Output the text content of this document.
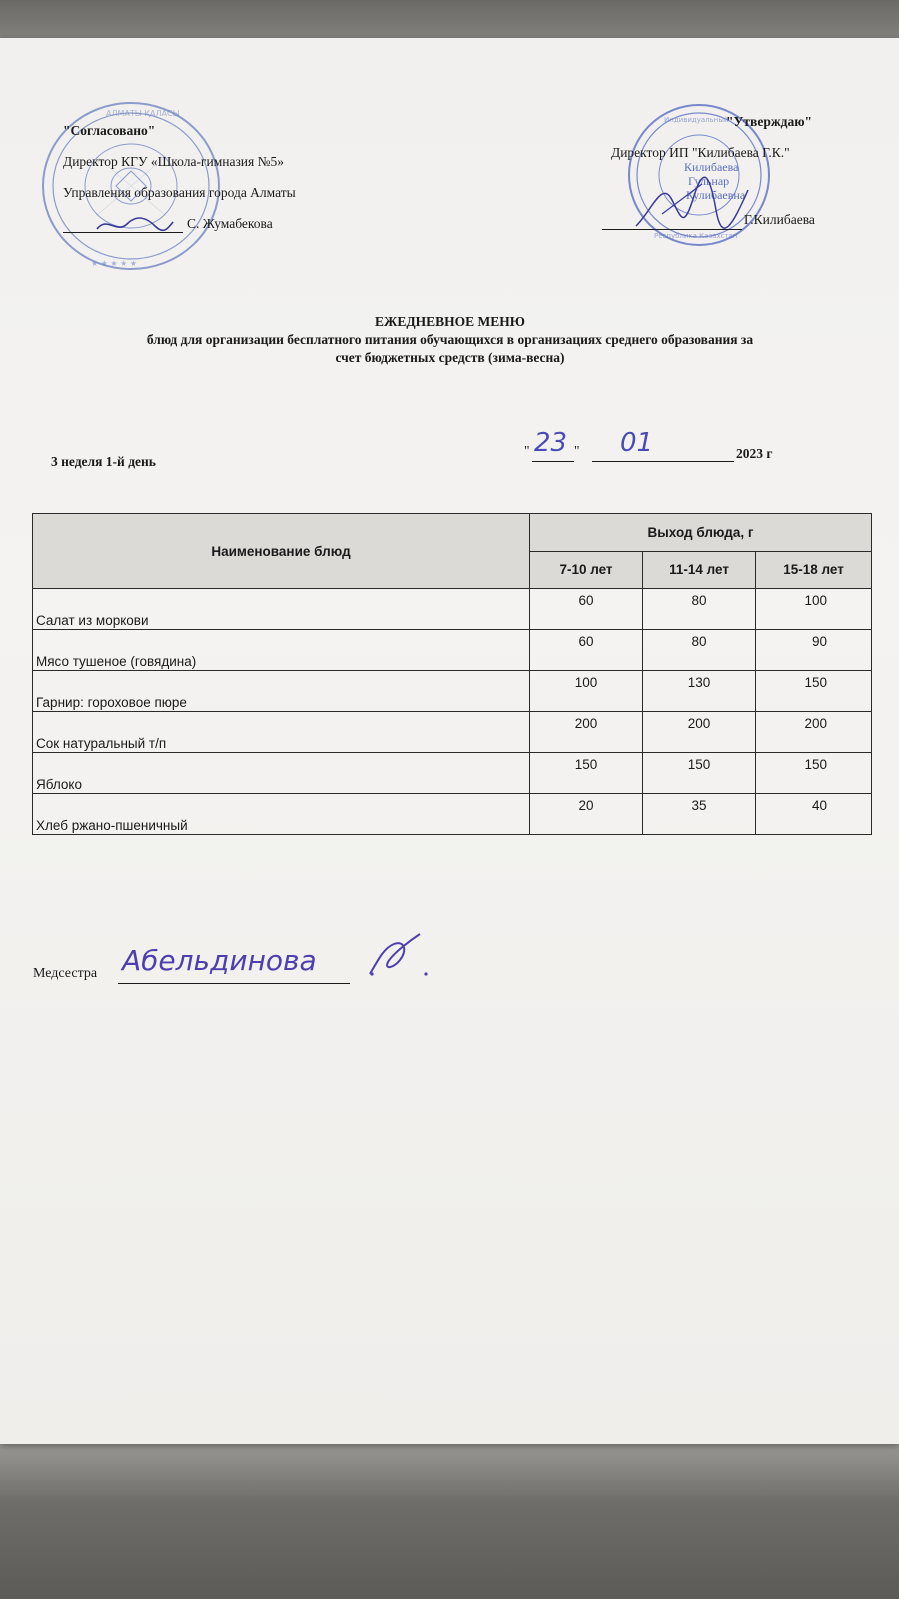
АЛМАТЫ ҚАЛАСЫ
★ ★ ★ ★ ★
Индивидуальный
Республика Казахстан
"Согласовано"
Директор КГУ «Школа-гимназия №5»
Управления образования города Алматы
С. Жумабекова
"Утверждаю"
Директор ИП "Килибаева Г.К."
Килибаева
Гульнар
Кулибаевна
Г.Килибаева
ЕЖЕДНЕВНОЕ МЕНЮ
блюд для организации бесплатного питания обучающихся в организациях среднего образования за
счет бюджетных средств (зима-весна)
3 неделя 1-й день
" 23 " 01	2023 г
Наименование блюд	Выход блюда, г		
	7-10 лет	11-14 лет	15-18 лет
Салат из моркови	60	80	100
Мясо тушеное (говядина)	60	80	90
Гарнир: гороховое пюре	100	130	150
Сок натуральный т/п	200	200	200
Яблоко	150	150	150
Хлеб ржано-пшеничный	20	35	40
Медсестра Абельдинова
